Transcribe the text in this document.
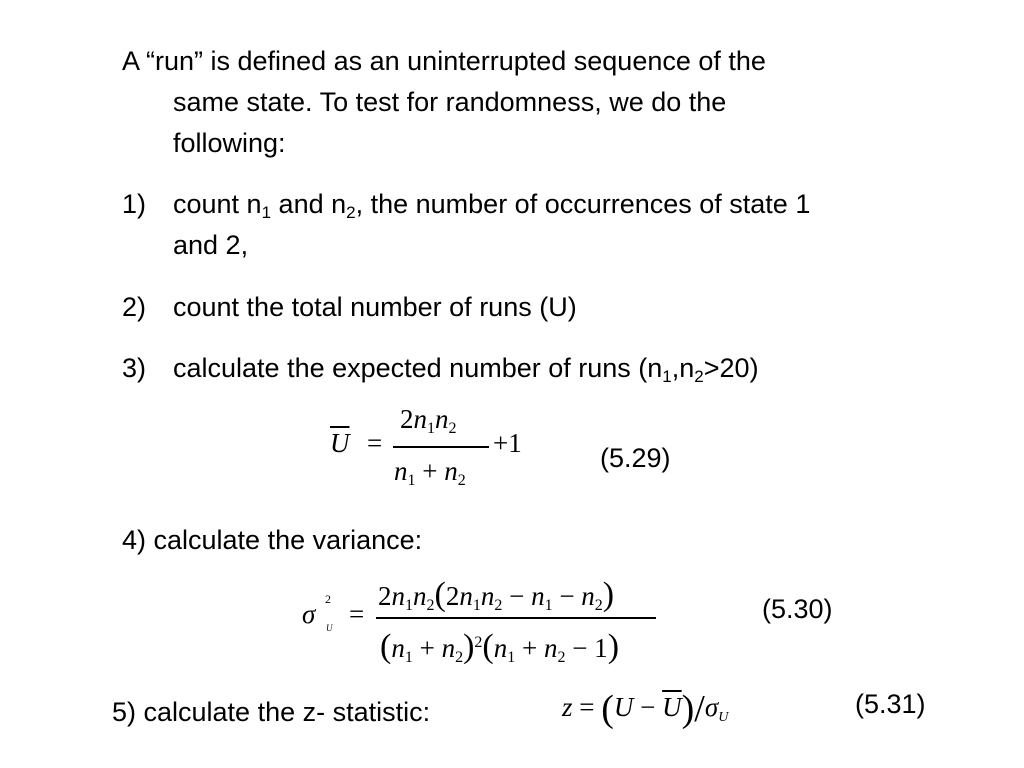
A “run” is defined as an uninterrupted sequence of the
same state. To test for randomness, we do the
following:
1) count $n_1$ and $n_2$, the number of occurrences of state 1
and 2,
2) count the total number of runs (U)
3) calculate the expected number of runs $(n_1,n_2>20)$
$\overline{U}$ =
2n1n2
n1 + n2
+1	(5.29)
4) calculate the variance:
σ 2
U =
2n1n2(2n1n2 − n1 − n2)
$(n1 + n2)^2(n1 + n2 - 1)$
(5.30)
5) calculate the z- statistic:	$z = (U - \overline{U})/\sigma U$	(5.31)
